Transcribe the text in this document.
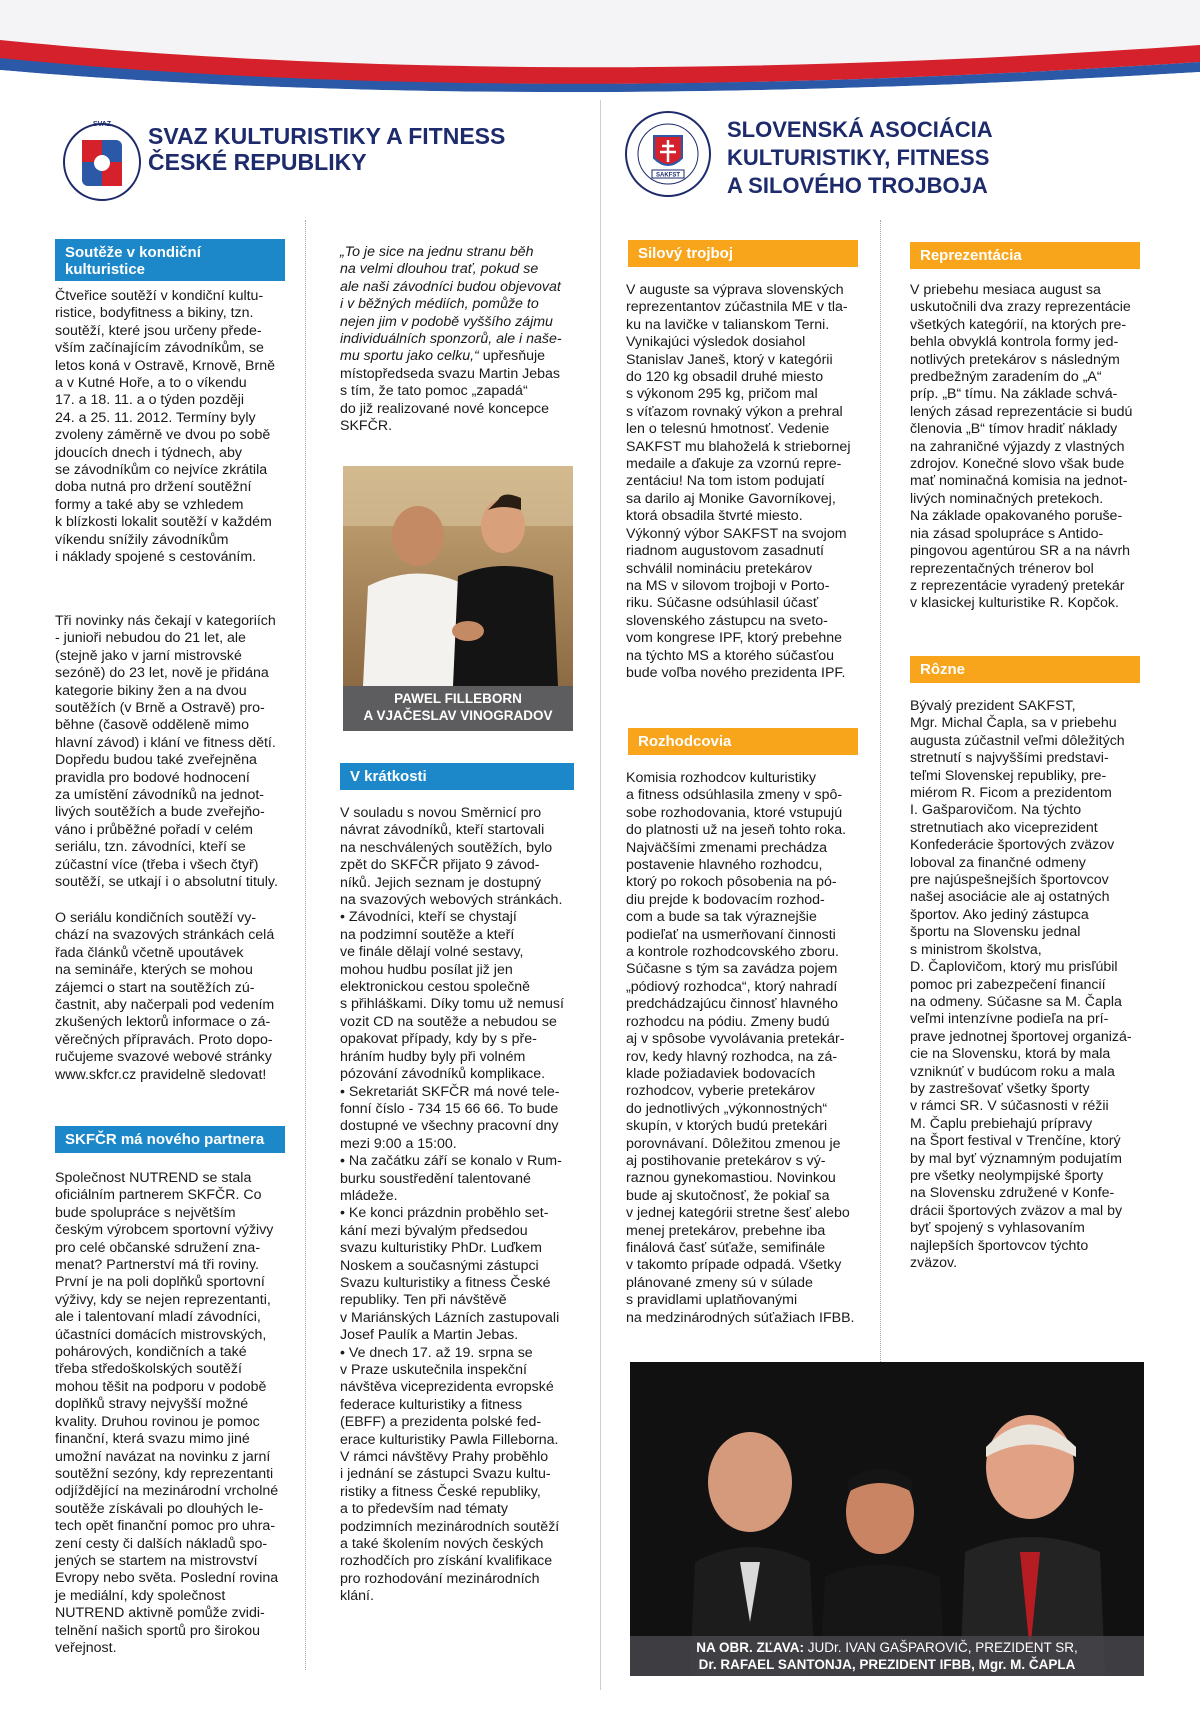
SVAZ SVAZ KULTURISTIKY A FITNESS
ČESKÉ REPUBLIKY
SAKFST
SLOVENSKÁ ASOCIÁCIA
KULTURISTIKY, FITNESS
A SILOVÉHO TROJBOJA
Soutěže v kondiční
kulturistice
Čtveřice soutěží v kondiční kultu-
ristice, bodyfitness a bikiny, tzn.
soutěží, které jsou určeny přede-
vším začínajícím závodníkům, se
letos koná v Ostravě, Krnově, Brně
a v Kutné Hoře, a to o víkendu
17. a 18. 11. a o týden později
24. a 25. 11. 2012. Termíny byly
zvoleny záměrně ve dvou po sobě
jdoucích dnech i týdnech, aby
se závodníkům co nejvíce zkrátila
doba nutná pro držení soutěžní
formy a také aby se vzhledem
k blízkosti lokalit soutěží v každém
víkendu snížily závodníkům
i náklady spojené s cestováním.
Tři novinky nás čekají v kategoriích
- junioři nebudou do 21 let, ale
(stejně jako v jarní mistrovské
sezóně) do 23 let, nově je přidána
kategorie bikiny žen a na dvou
soutěžích (v Brně a Ostravě) pro-
běhne (časově odděleně mimo
hlavní závod) i klání ve fitness dětí.
Dopředu budou také zveřejněna
pravidla pro bodové hodnocení
za umístění závodníků na jednot-
livých soutěžích a bude zveřejňo-
váno i průběžné pořadí v celém
seriálu, tzn. závodníci, kteří se
zúčastní více (třeba i všech čtyř)
soutěží, se utkají i o absolutní tituly.
O seriálu kondičních soutěží vy-
chází na svazových stránkách celá
řada článků včetně upoutávek
na semináře, kterých se mohou
zájemci o start na soutěžích zú-
častnit, aby načerpali pod vedením
zkušených lektorů informace o zá-
věrečných přípravách. Proto dopo-
ručujeme svazové webové stránky
www.skfcr.cz pravidelně sledovat!
SKFČR má nového partnera
Společnost NUTREND se stala
oficiálním partnerem SKFČR. Co
bude spolupráce s největším
českým výrobcem sportovní výživy
pro celé občanské sdružení zna-
menat? Partnerství má tři roviny.
První je na poli doplňků sportovní
výživy, kdy se nejen reprezentanti,
ale i talentovaní mladí závodníci,
účastníci domácích mistrovských,
pohárových, kondičních a také
třeba středoškolských soutěží
mohou těšit na podporu v podobě
doplňků stravy nejvyšší možné
kvality. Druhou rovinou je pomoc
finanční, která svazu mimo jiné
umožní navázat na novinku z jarní
soutěžní sezóny, kdy reprezentanti
odjíždějící na mezinárodní vrcholné
soutěže získávali po dlouhých le-
tech opět finanční pomoc pro uhra-
zení cesty či dalších nákladů spo-
jených se startem na mistrovství
Evropy nebo světa. Poslední rovina
je mediální, kdy společnost
NUTREND aktivně pomůže zvidi-
telnění našich sportů pro širokou
veřejnost.
„To je sice na jednu stranu běh
na velmi dlouhou trať, pokud se
ale naši závodníci budou objevovat
i v běžných médiích, pomůže to
nejen jim v podobě vyššího zájmu
individuálních sponzorů, ale i naše-
mu sportu jako celku,“ upřesňuje
místopředseda svazu Martin Jebas
s tím, že tato pomoc „zapadá“
do již realizované nové koncepce
SKFČR.
PAWEL FILLEBORN
A VJAČESLAV VINOGRADOV
V krátkosti
V souladu s novou Směrnicí pro
návrat závodníků, kteří startovali
na neschválených soutěžích, bylo
zpět do SKFČR přijato 9 závod-
níků. Jejich seznam je dostupný
na svazových webových stránkách.
• Závodníci, kteří se chystají
na podzimní soutěže a kteří
ve finále dělají volné sestavy,
mohou hudbu posílat již jen
elektronickou cestou společně
s přihláškami. Díky tomu už nemusí
vozit CD na soutěže a nebudou se
opakovat případy, kdy by s pře-
hráním hudby byly při volném
pózování závodníků komplikace.
• Sekretariát SKFČR má nové tele-
fonní číslo - 734 15 66 66. To bude
dostupné ve všechny pracovní dny
mezi 9:00 a 15:00.
• Na začátku září se konalo v Rum-
burku soustředění talentované
mládeže.
• Ke konci prázdnin proběhlo set-
kání mezi bývalým předsedou
svazu kulturistiky PhDr. Luďkem
Noskem a současnými zástupci
Svazu kulturistiky a fitness České
republiky. Ten při návštěvě
v Mariánských Lázních zastupovali
Josef Paulík a Martin Jebas.
• Ve dnech 17. až 19. srpna se
v Praze uskutečnila inspekční
návštěva viceprezidenta evropské
federace kulturistiky a fitness
(EBFF) a prezidenta polské fed-
erace kulturistiky Pawla Filleborna.
V rámci návštěvy Prahy proběhlo
i jednání se zástupci Svazu kultu-
ristiky a fitness České republiky,
a to především nad tématy
podzimních mezinárodních soutěží
a také školením nových českých
rozhodčích pro získání kvalifikace
pro rozhodování mezinárodních
klání.
Silový trojboj
V auguste sa výprava slovenských
reprezentantov zúčastnila ME v tla-
ku na lavičke v talianskom Terni.
Vynikajúci výsledok dosiahol
Stanislav Janeš, ktorý v kategórii
do 120 kg obsadil druhé miesto
s výkonom 295 kg, pričom mal
s víťazom rovnaký výkon a prehral
len o telesnú hmotnosť. Vedenie
SAKFST mu blahoželá k striebornej
medaile a ďakuje za vzornú repre-
zentáciu! Na tom istom podujatí
sa darilo aj Monike Gavorníkovej,
ktorá obsadila štvrté miesto.
Výkonný výbor SAKFST na svojom
riadnom augustovom zasadnutí
schválil nomináciu pretekárov
na MS v silovom trojboji v Porto-
riku. Súčasne odsúhlasil účasť
slovenského zástupcu na sveto-
vom kongrese IPF, ktorý prebehne
na týchto MS a ktorého súčasťou
bude voľba nového prezidenta IPF.
Rozhodcovia
Komisia rozhodcov kulturistiky
a fitness odsúhlasila zmeny v spô-
sobe rozhodovania, ktoré vstupujú
do platnosti už na jeseň tohto roka.
Najväčšími zmenami prechádza
postavenie hlavného rozhodcu,
ktorý po rokoch pôsobenia na pó-
diu prejde k bodovacím rozhod-
com a bude sa tak výraznejšie
podieľať na usmerňovaní činnosti
a kontrole rozhodcovského zboru.
Súčasne s tým sa zavádza pojem
„pódiový rozhodca“, ktorý nahradí
predchádzajúcu činnosť hlavného
rozhodcu na pódiu. Zmeny budú
aj v spôsobe vyvolávania pretekár-
rov, kedy hlavný rozhodca, na zá-
klade požiadaviek bodovacích
rozhodcov, vyberie pretekárov
do jednotlivých „výkonnostných“
skupín, v ktorých budú pretekári
porovnávaní. Dôležitou zmenou je
aj postihovanie pretekárov s vý-
raznou gynekomastiou. Novinkou
bude aj skutočnosť, že pokiaľ sa
v jednej kategórii stretne šesť alebo
menej pretekárov, prebehne iba
finálová časť súťaže, semifinále
v takomto prípade odpadá. Všetky
plánované zmeny sú v súlade
s pravidlami uplatňovanými
na medzinárodných súťažiach IFBB.
Reprezentácia
V priebehu mesiaca august sa
uskutočnili dva zrazy reprezentácie
všetkých kategórií, na ktorých pre-
behla obvyklá kontrola formy jed-
notlivých pretekárov s následným
predbežným zaradením do „A“
príp. „B“ tímu. Na základe schvá-
lených zásad reprezentácie si budú
členovia „B“ tímov hradiť náklady
na zahraničné výjazdy z vlastných
zdrojov. Konečné slovo však bude
mať nominačná komisia na jednot-
livých nominačných pretekoch.
Na základe opakovaného poruše-
nia zásad spolupráce s Antido-
pingovou agentúrou SR a na návrh
reprezentačných trénerov bol
z reprezentácie vyradený pretekár
v klasickej kulturistike R. Kopčok.
Rôzne
Bývalý prezident SAKFST,
Mgr. Michal Čapla, sa v priebehu
augusta zúčastnil veľmi dôležitých
stretnutí s najvyššími predstavi-
teľmi Slovenskej republiky, pre-
miérom R. Ficom a prezidentom
I. Gašparovičom. Na týchto
stretnutiach ako viceprezident
Konfederácie športových zväzov
loboval za finančné odmeny
pre najúspešnejších športovcov
našej asociácie ale aj ostatných
športov. Ako jediný zástupca
športu na Slovensku jednal
s ministrom školstva,
D. Čaplovičom, ktorý mu prisľúbil
pomoc pri zabezpečení financií
na odmeny. Súčasne sa M. Čapla
veľmi intenzívne podieľa na prí-
prave jednotnej športovej organizá-
cie na Slovensku, ktorá by mala
vzniknúť v budúcom roku a mala
by zastrešovať všetky športy
v rámci SR. V súčasnosti v réžii
M. Čaplu prebiehajú prípravy
na Šport festival v Trenčíne, ktorý
by mal byť významným podujatím
pre všetky neolympijské športy
na Slovensku združené v Konfe-
drácii športových zväzov a mal by
byť spojený s vyhlasovaním
najlepších športovcov týchto
zväzov.
NA OBR. ZĽAVA: JUDr. IVAN GAŠPAROVIČ, PREZIDENT SR,
Dr. RAFAEL SANTONJA, PREZIDENT IFBB, Mgr. M. ČAPLA
